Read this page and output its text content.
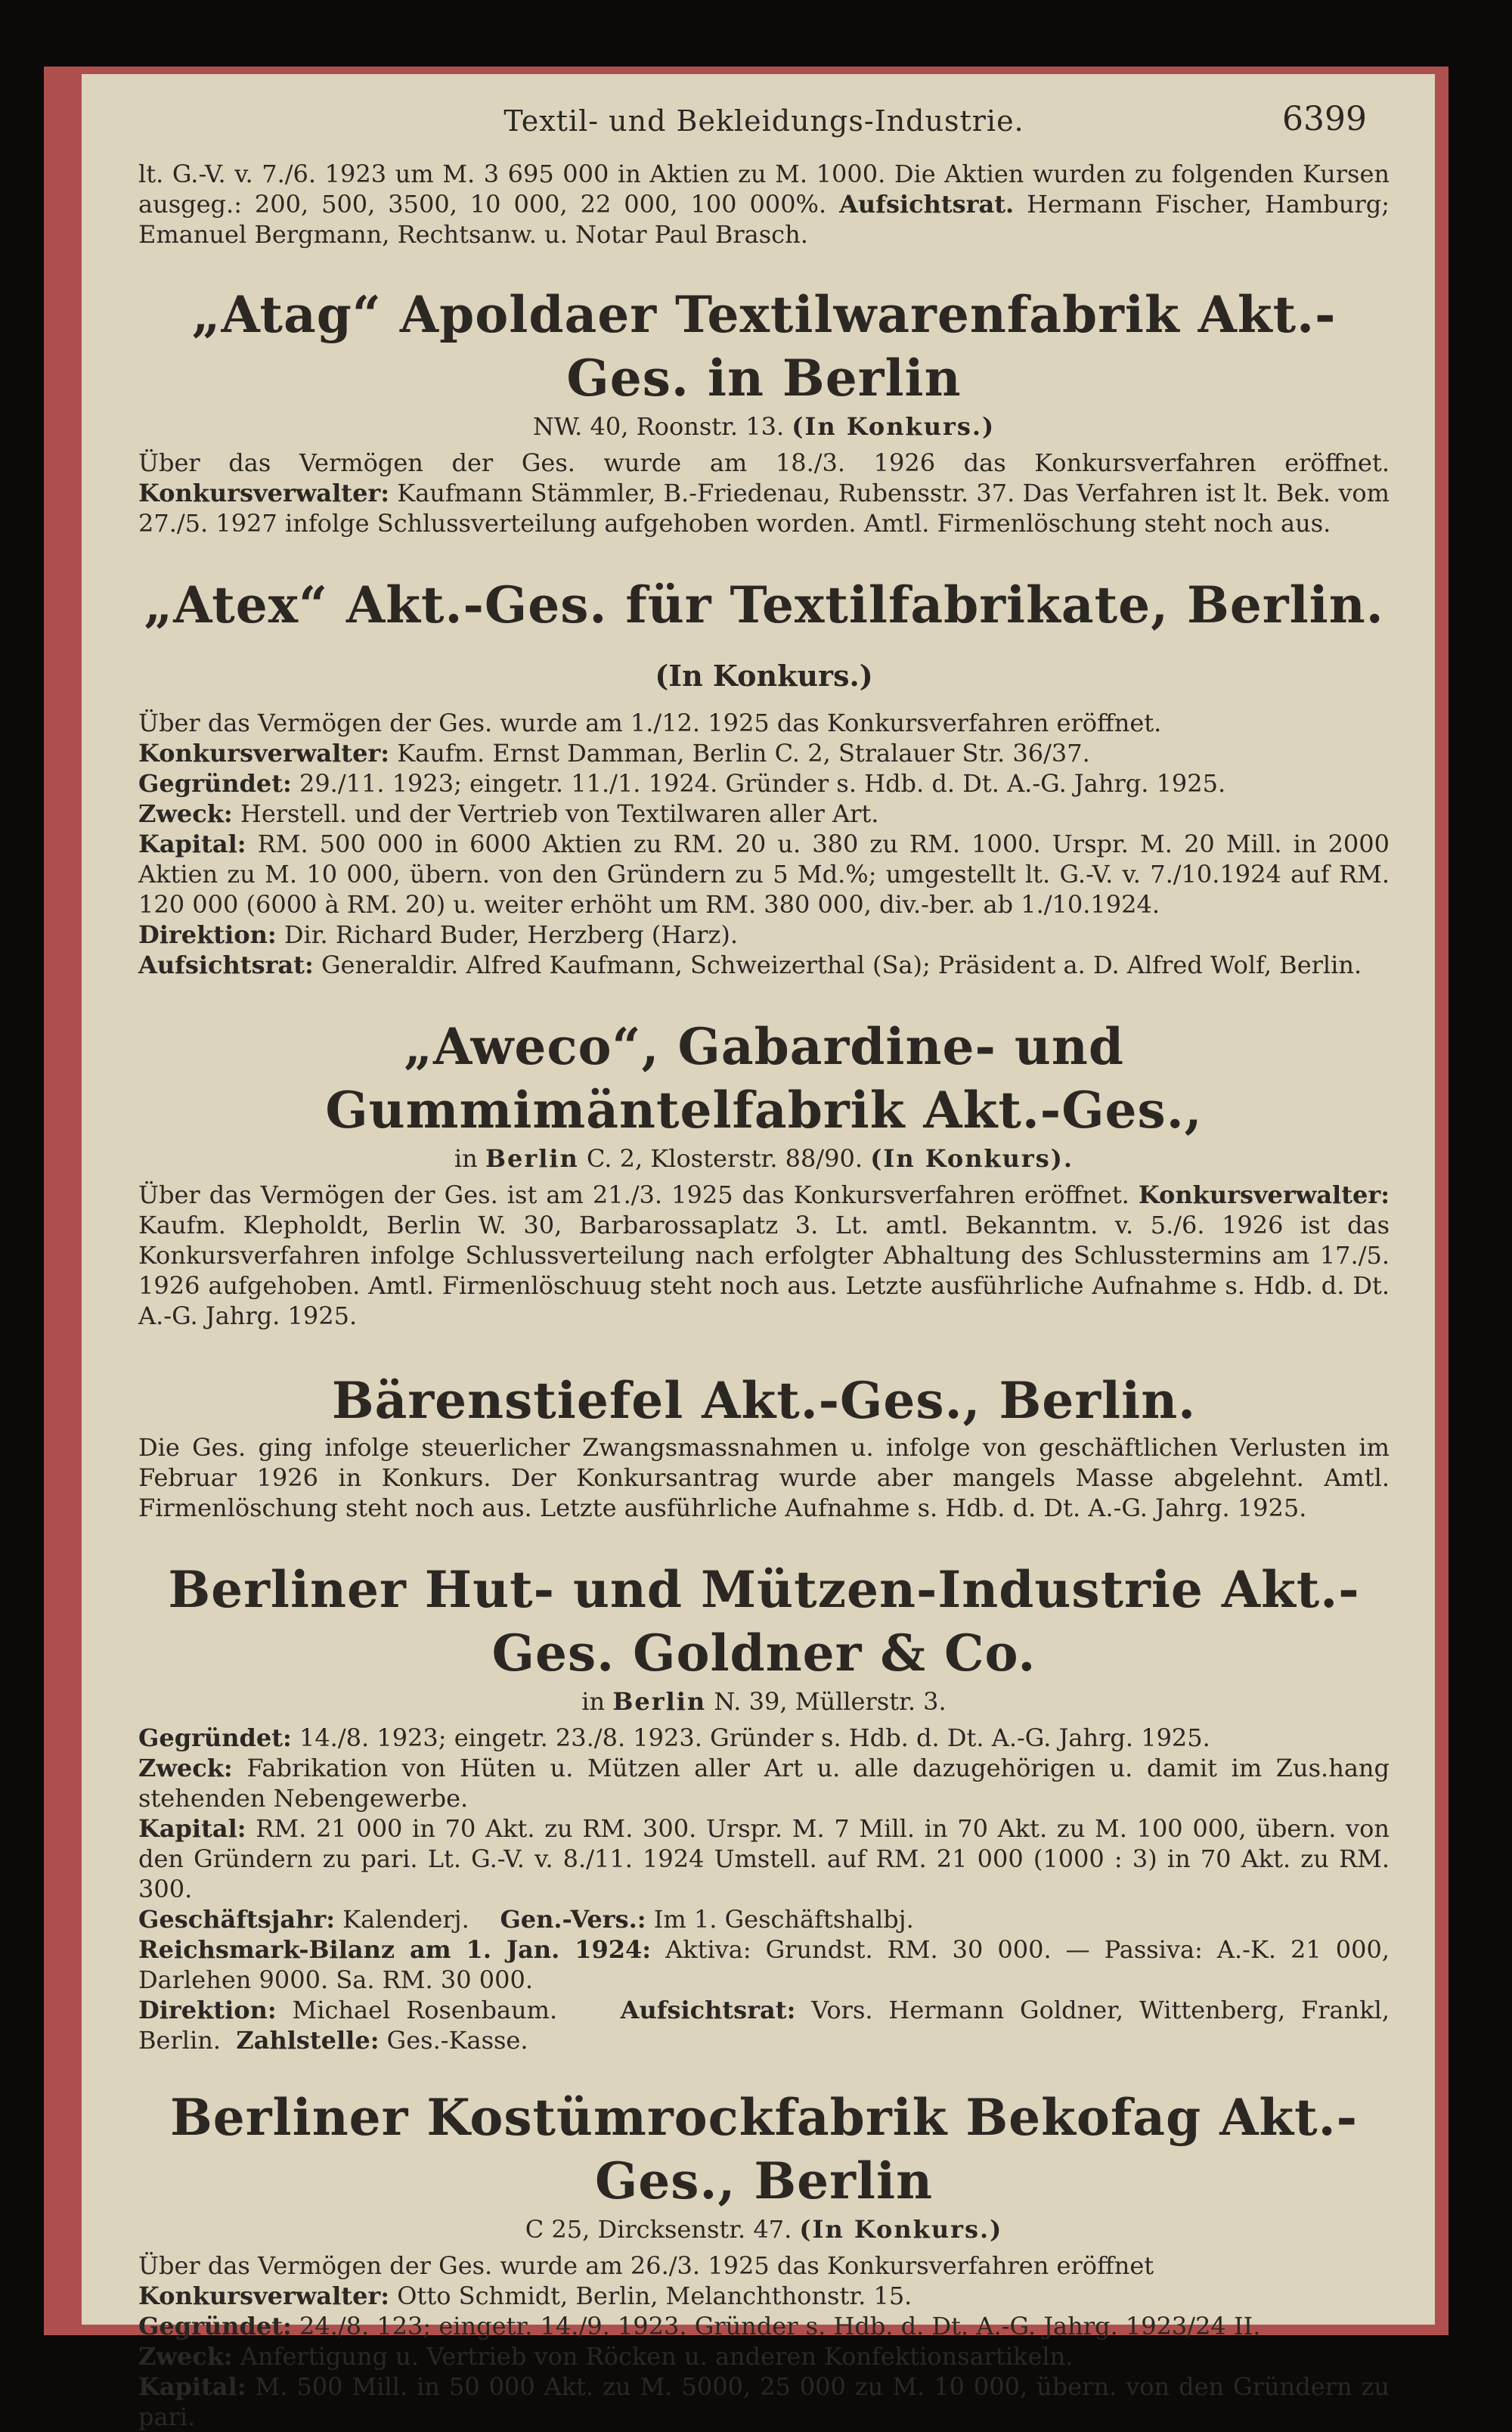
Textil- und Bekleidungs-Industrie.	6399

lt. G.-V. v. 7./6. 1923 um M. 3 695 000 in Aktien zu M. 1000. Die Aktien wurden zu folgenden Kursen ausgeg.: 200, 500, 3500, 10 000, 22 000, 100 000%. Aufsichtsrat. Hermann Fischer, Hamburg; Emanuel Bergmann, Rechtsanw. u. Notar Paul Brasch.

„Atag“ Apoldaer Textilwarenfabrik Akt.-Ges. in Berlin

NW. 40, Roonstr. 13. (In Konkurs.)

Über das Vermögen der Ges. wurde am 18./3. 1926 das Konkursverfahren eröffnet. Konkursverwalter: Kaufmann Stämmler, B.-Friedenau, Rubensstr. 37. Das Verfahren ist lt. Bek. vom 27./5. 1927 infolge Schlussverteilung aufgehoben worden. Amtl. Firmenlöschung steht noch aus.

„Atex“ Akt.-Ges. für Textilfabrikate, Berlin. (In Konkurs.)

Über das Vermögen der Ges. wurde am 1./12. 1925 das Konkursverfahren eröffnet.
Konkursverwalter: Kaufm. Ernst Damman, Berlin C. 2, Stralauer Str. 36/37.
Gegründet: 29./11. 1923; eingetr. 11./1. 1924. Gründer s. Hdb. d. Dt. A.-G. Jahrg. 1925.
Zweck: Herstell. und der Vertrieb von Textilwaren aller Art.
Kapital: RM. 500 000 in 6000 Aktien zu RM. 20 u. 380 zu RM. 1000. Urspr. M. 20 Mill. in 2000 Aktien zu M. 10 000, übern. von den Gründern zu 5 Md.%; umgestellt lt. G.-V. v. 7./10.1924 auf RM. 120 000 (6000 à RM. 20) u. weiter erhöht um RM. 380 000, div.-ber. ab 1./10.1924.
Direktion: Dir. Richard Buder, Herzberg (Harz).
Aufsichtsrat: Generaldir. Alfred Kaufmann, Schweizerthal (Sa); Präsident a. D. Alfred Wolf, Berlin.

„Aweco“, Gabardine- und Gummimäntelfabrik Akt.-Ges.,

in Berlin C. 2, Klosterstr. 88/90. (In Konkurs).

Über das Vermögen der Ges. ist am 21./3. 1925 das Konkursverfahren eröffnet. Konkursverwalter: Kaufm. Klepholdt, Berlin W. 30, Barbarossaplatz 3. Lt. amtl. Bekanntm. v. 5./6. 1926 ist das Konkursverfahren infolge Schlussverteilung nach erfolgter Abhaltung des Schlusstermins am 17./5. 1926 aufgehoben. Amtl. Firmenlöschuug steht noch aus. Letzte ausführliche Aufnahme s. Hdb. d. Dt. A.-G. Jahrg. 1925.

Bärenstiefel Akt.-Ges., Berlin.

Die Ges. ging infolge steuerlicher Zwangsmassnahmen u. infolge von geschäftlichen Verlusten im Februar 1926 in Konkurs. Der Konkursantrag wurde aber mangels Masse abgelehnt. Amtl. Firmenlöschung steht noch aus. Letzte ausführliche Aufnahme s. Hdb. d. Dt. A.-G. Jahrg. 1925.

Berliner Hut- und Mützen-Industrie Akt.-Ges. Goldner & Co.

in Berlin N. 39, Müllerstr. 3.

Gegründet: 14./8. 1923; eingetr. 23./8. 1923. Gründer s. Hdb. d. Dt. A.-G. Jahrg. 1925.
Zweck: Fabrikation von Hüten u. Mützen aller Art u. alle dazugehörigen u. damit im Zus.hang stehenden Nebengewerbe.
Kapital: RM. 21 000 in 70 Akt. zu RM. 300. Urspr. M. 7 Mill. in 70 Akt. zu M. 100 000, übern. von den Gründern zu pari. Lt. G.-V. v. 8./11. 1924 Umstell. auf RM. 21 000 (1000 : 3) in 70 Akt. zu RM. 300.
Geschäftsjahr: Kalenderj. Gen.-Vers.: Im 1. Geschäftshalbj.
Reichsmark-Bilanz am 1. Jan. 1924: Aktiva: Grundst. RM. 30 000. — Passiva: A.-K. 21 000, Darlehen 9000. Sa. RM. 30 000.
Direktion: Michael Rosenbaum.	Aufsichtsrat: Vors. Hermann Goldner, Wittenberg, Frankl, Berlin. Zahlstelle: Ges.-Kasse.

Berliner Kostümrockfabrik Bekofag Akt.-Ges., Berlin

C 25, Dircksenstr. 47. (In Konkurs.)

Über das Vermögen der Ges. wurde am 26./3. 1925 das Konkursverfahren eröffnet
Konkursverwalter: Otto Schmidt, Berlin, Melanchthonstr. 15.
Gegründet: 24./8. 123; eingetr. 14./9. 1923. Gründer s. Hdb. d. Dt. A.-G. Jahrg. 1923/24 II.
Zweck: Anfertigung u. Vertrieb von Röcken u. anderen Konfektionsartikeln.
Kapital: M. 500 Mill. in 50 000 Akt. zu M. 5000, 25 000 zu M. 10 000, übern. von den Gründern zu pari.
